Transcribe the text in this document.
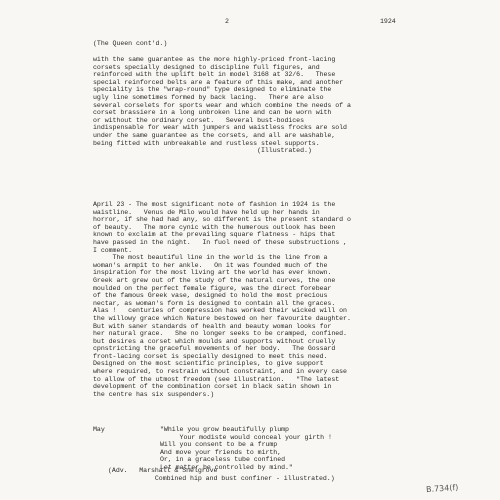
2	1924
(The Queen cont'd.)
with the same guarantee as the more highly-priced front-lacing
corsets specially designed to discipline full figures, and
reinforced with the uplift belt in model 3168 at 32/6.   These
special reinforced belts are a feature of this make, and another
speciality is the "wrap-round" type designed to eliminate the
ugly line sometimes formed by back lacing.   There are also
several corselets for sports wear and which combine the needs of a
corset brassiere in a long unbroken line and can be worn with
or without the ordinary corset.   Several bust-bodices
indispensable for wear with jumpers and waistless frocks are sold
under the same guarantee as the corsets, and all are washable,
being fitted with unbreakable and rustless steel supports.
(Illustrated.)
April 23 - The most significant note of fashion in 1924 is the
waistline.   Venus de Milo would have held up her hands in
horror, if she had had any, so different is the present standard o
of beauty.   The more cynic with the humerous outlook has been
known to exclaim at the prevailing square flatness - hips that
have passed in the night.   In fuol need of these substructions ,
I comment.
The most beautiful line in the world is the line from a
woman's armpit to her ankle.   On it was founded much of the
inspiration for the most living art the world has ever known.
Greek art grew out of the study of the natural curves, the one
moulded on the perfect female figure, was the direct forebear
of the famous Greek vase, designed to hold the most precious
nectar, as woman's form is designed to contain all the graces.
Alas !   centuries of compression has worked their wicked will on
the willowy grace which Nature bestowed on her favourite daughter.
But with saner standards of health and beauty woman looks for
her natural grace.   She no longer seeks to be cramped, confined.
but desires a corset which moulds and supports without cruelly
cpnstricting the graceful movements of her body.   The Gossard
front-lacing corset is specially designed to meet this need.
Designed on the most scientific principles, to give support
where required, to restrain without constraint, and in every case
to allow of the utmost freedom (see illustration.   "The latest
development of the combination corset in black satin shown in
the centre has six suspenders.)
May	"While you grow beautifully plump
Your modiste would conceal your girth !
Will you consent to be a frump
And move your friends to mirth,
Or, in a graceless tube confined
Let matter be controlled by mind."
(Adv.   Marshall & Snelgrove
Combined hip and bust confiner - illustrated.)
B.734(f)
